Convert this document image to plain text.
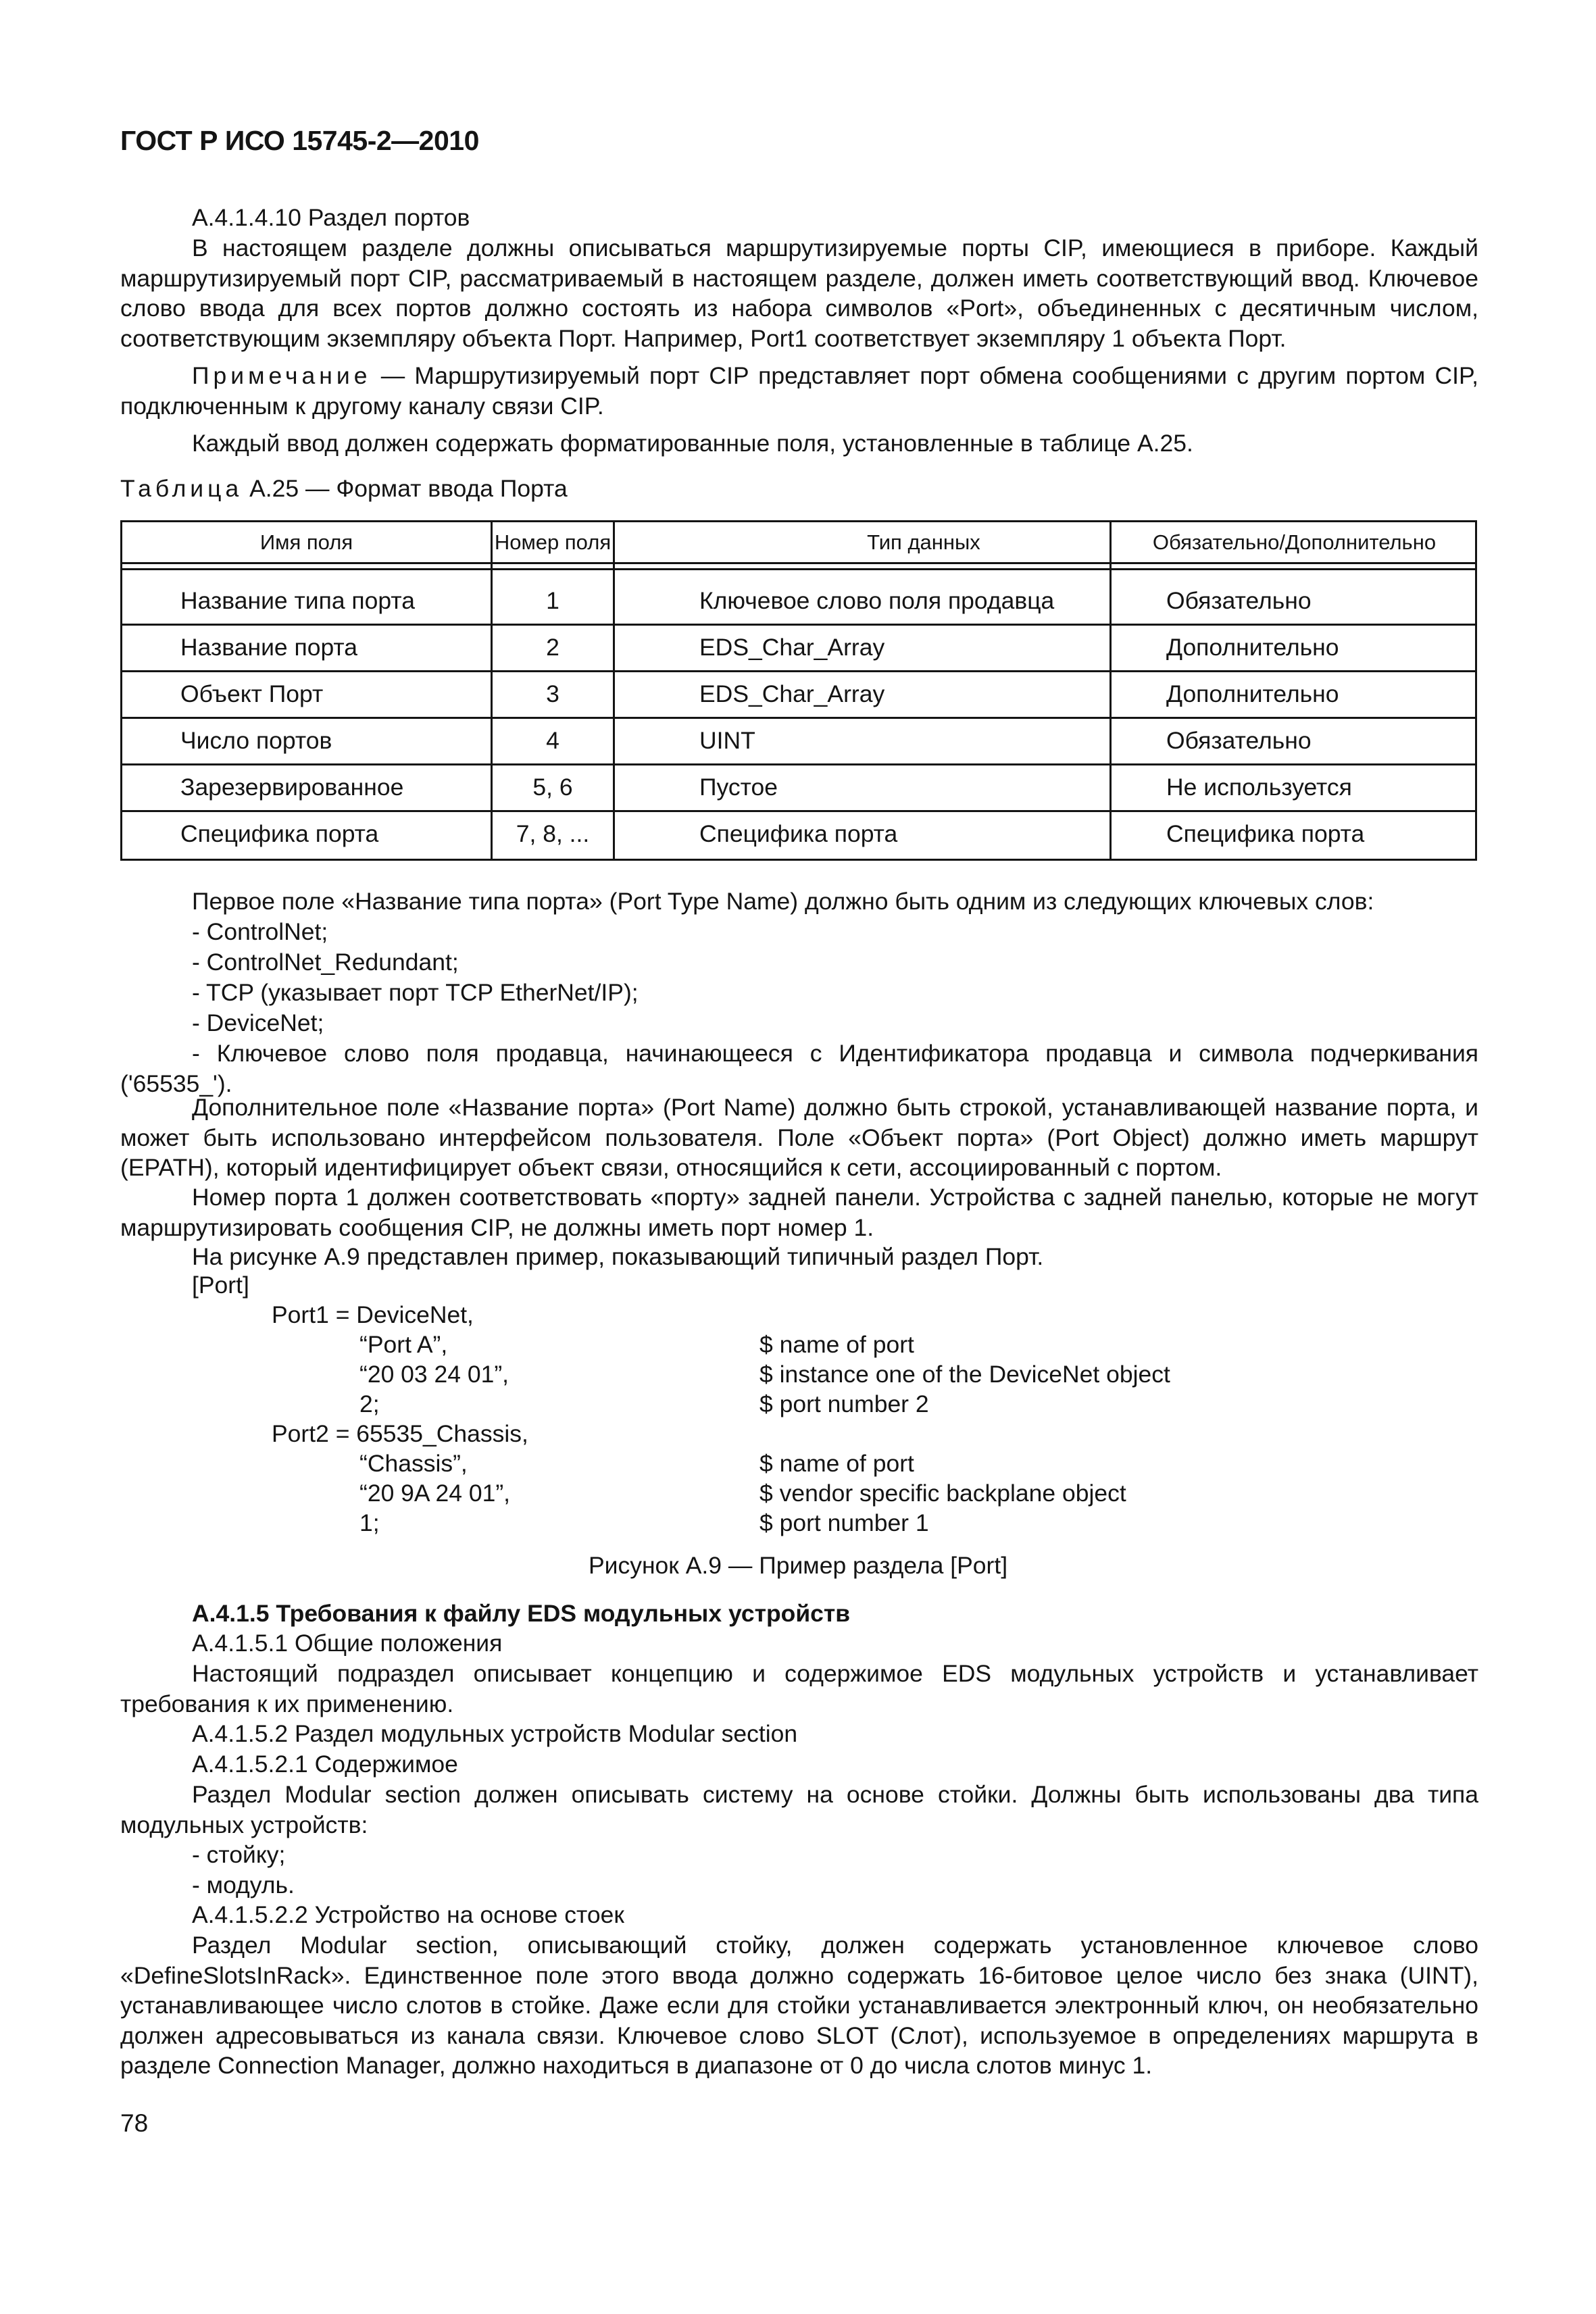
ГОСТ Р ИСО 15745-2—2010
А.4.1.4.10 Раздел портов
В настоящем разделе должны описываться маршрутизируемые порты CIP, имеющиеся в приборе. Каждый маршрутизируемый порт CIP, рассматриваемый в настоящем разделе, должен иметь соответствующий ввод. Ключевое слово ввода для всех портов должно состоять из набора символов «Port», объединенных с десятичным числом, соответствующим экземпляру объекта Порт. Например, Port1 соответствует экземпляру 1 объекта Порт.
Примечание — Маршрутизируемый порт CIP представляет порт обмена сообщениями с другим портом CIP, подключенным к другому каналу связи CIP.
Каждый ввод должен содержать форматированные поля, установленные в таблице А.25.
Таблица А.25 — Формат ввода Порта
Имя поля	Номер поля	Тип данных	Обязательно/Дополнительно
Название типа порта	1	Ключевое слово поля продавца	Обязательно
Название порта	2	EDS_Char_Array	Дополнительно
Объект Порт	3	EDS_Char_Array	Дополнительно
Число портов	4	UINT	Обязательно
Зарезервированное	5, 6	Пустое	Не используется
Специфика порта	7, 8, ...	Специфика порта	Специфика порта
Первое поле «Название типа порта» (Port Type Name) должно быть одним из следующих ключевых слов:
- ControlNet;
- ControlNet_Redundant;
- TCP (указывает порт TCP EtherNet/IP);
- DeviceNet;
- Ключевое слово поля продавца, начинающееся с Идентификатора продавца и символа подчеркивания ('65535_').
Дополнительное поле «Название порта» (Port Name) должно быть строкой, устанавливающей название порта, и может быть использовано интерфейсом пользователя. Поле «Объект порта» (Port Object) должно иметь маршрут (EPATH), который идентифицирует объект связи, относящийся к сети, ассоциированный с портом.
Номер порта 1 должен соответствовать «порту» задней панели. Устройства с задней панелью, которые не могут маршрутизировать сообщения CIP, не должны иметь порт номер 1.
На рисунке А.9 представлен пример, показывающий типичный раздел Порт.
[Port]
Port1 = DeviceNet,
“Port A”,	$ name of port
“20 03 24 01”,	$ instance one of the DeviceNet object
2;	$ port number 2
Port2 = 65535_Chassis,
“Chassis”,	$ name of port
“20 9A 24 01”,	$ vendor specific backplane object
1;	$ port number 1
Рисунок А.9 — Пример раздела [Port]
А.4.1.5 Требования к файлу EDS модульных устройств
А.4.1.5.1 Общие положения
Настоящий подраздел описывает концепцию и содержимое EDS модульных устройств и устанавливает требования к их применению.
А.4.1.5.2 Раздел модульных устройств Modular section
А.4.1.5.2.1 Содержимое
Раздел Modular section должен описывать систему на основе стойки. Должны быть использованы два типа модульных устройств:
- стойку;
- модуль.
А.4.1.5.2.2 Устройство на основе стоек
Раздел Modular section, описывающий стойку, должен содержать установленное ключевое слово «DefineSlotsInRack». Единственное поле этого ввода должно содержать 16-битовое целое число без знака (UINT), устанавливающее число слотов в стойке. Даже если для стойки устанавливается электронный ключ, он необязательно должен адресовываться из канала связи. Ключевое слово SLOT (Слот), используемое в определениях маршрута в разделе Connection Manager, должно находиться в диапазоне от 0 до числа слотов минус 1.
78
